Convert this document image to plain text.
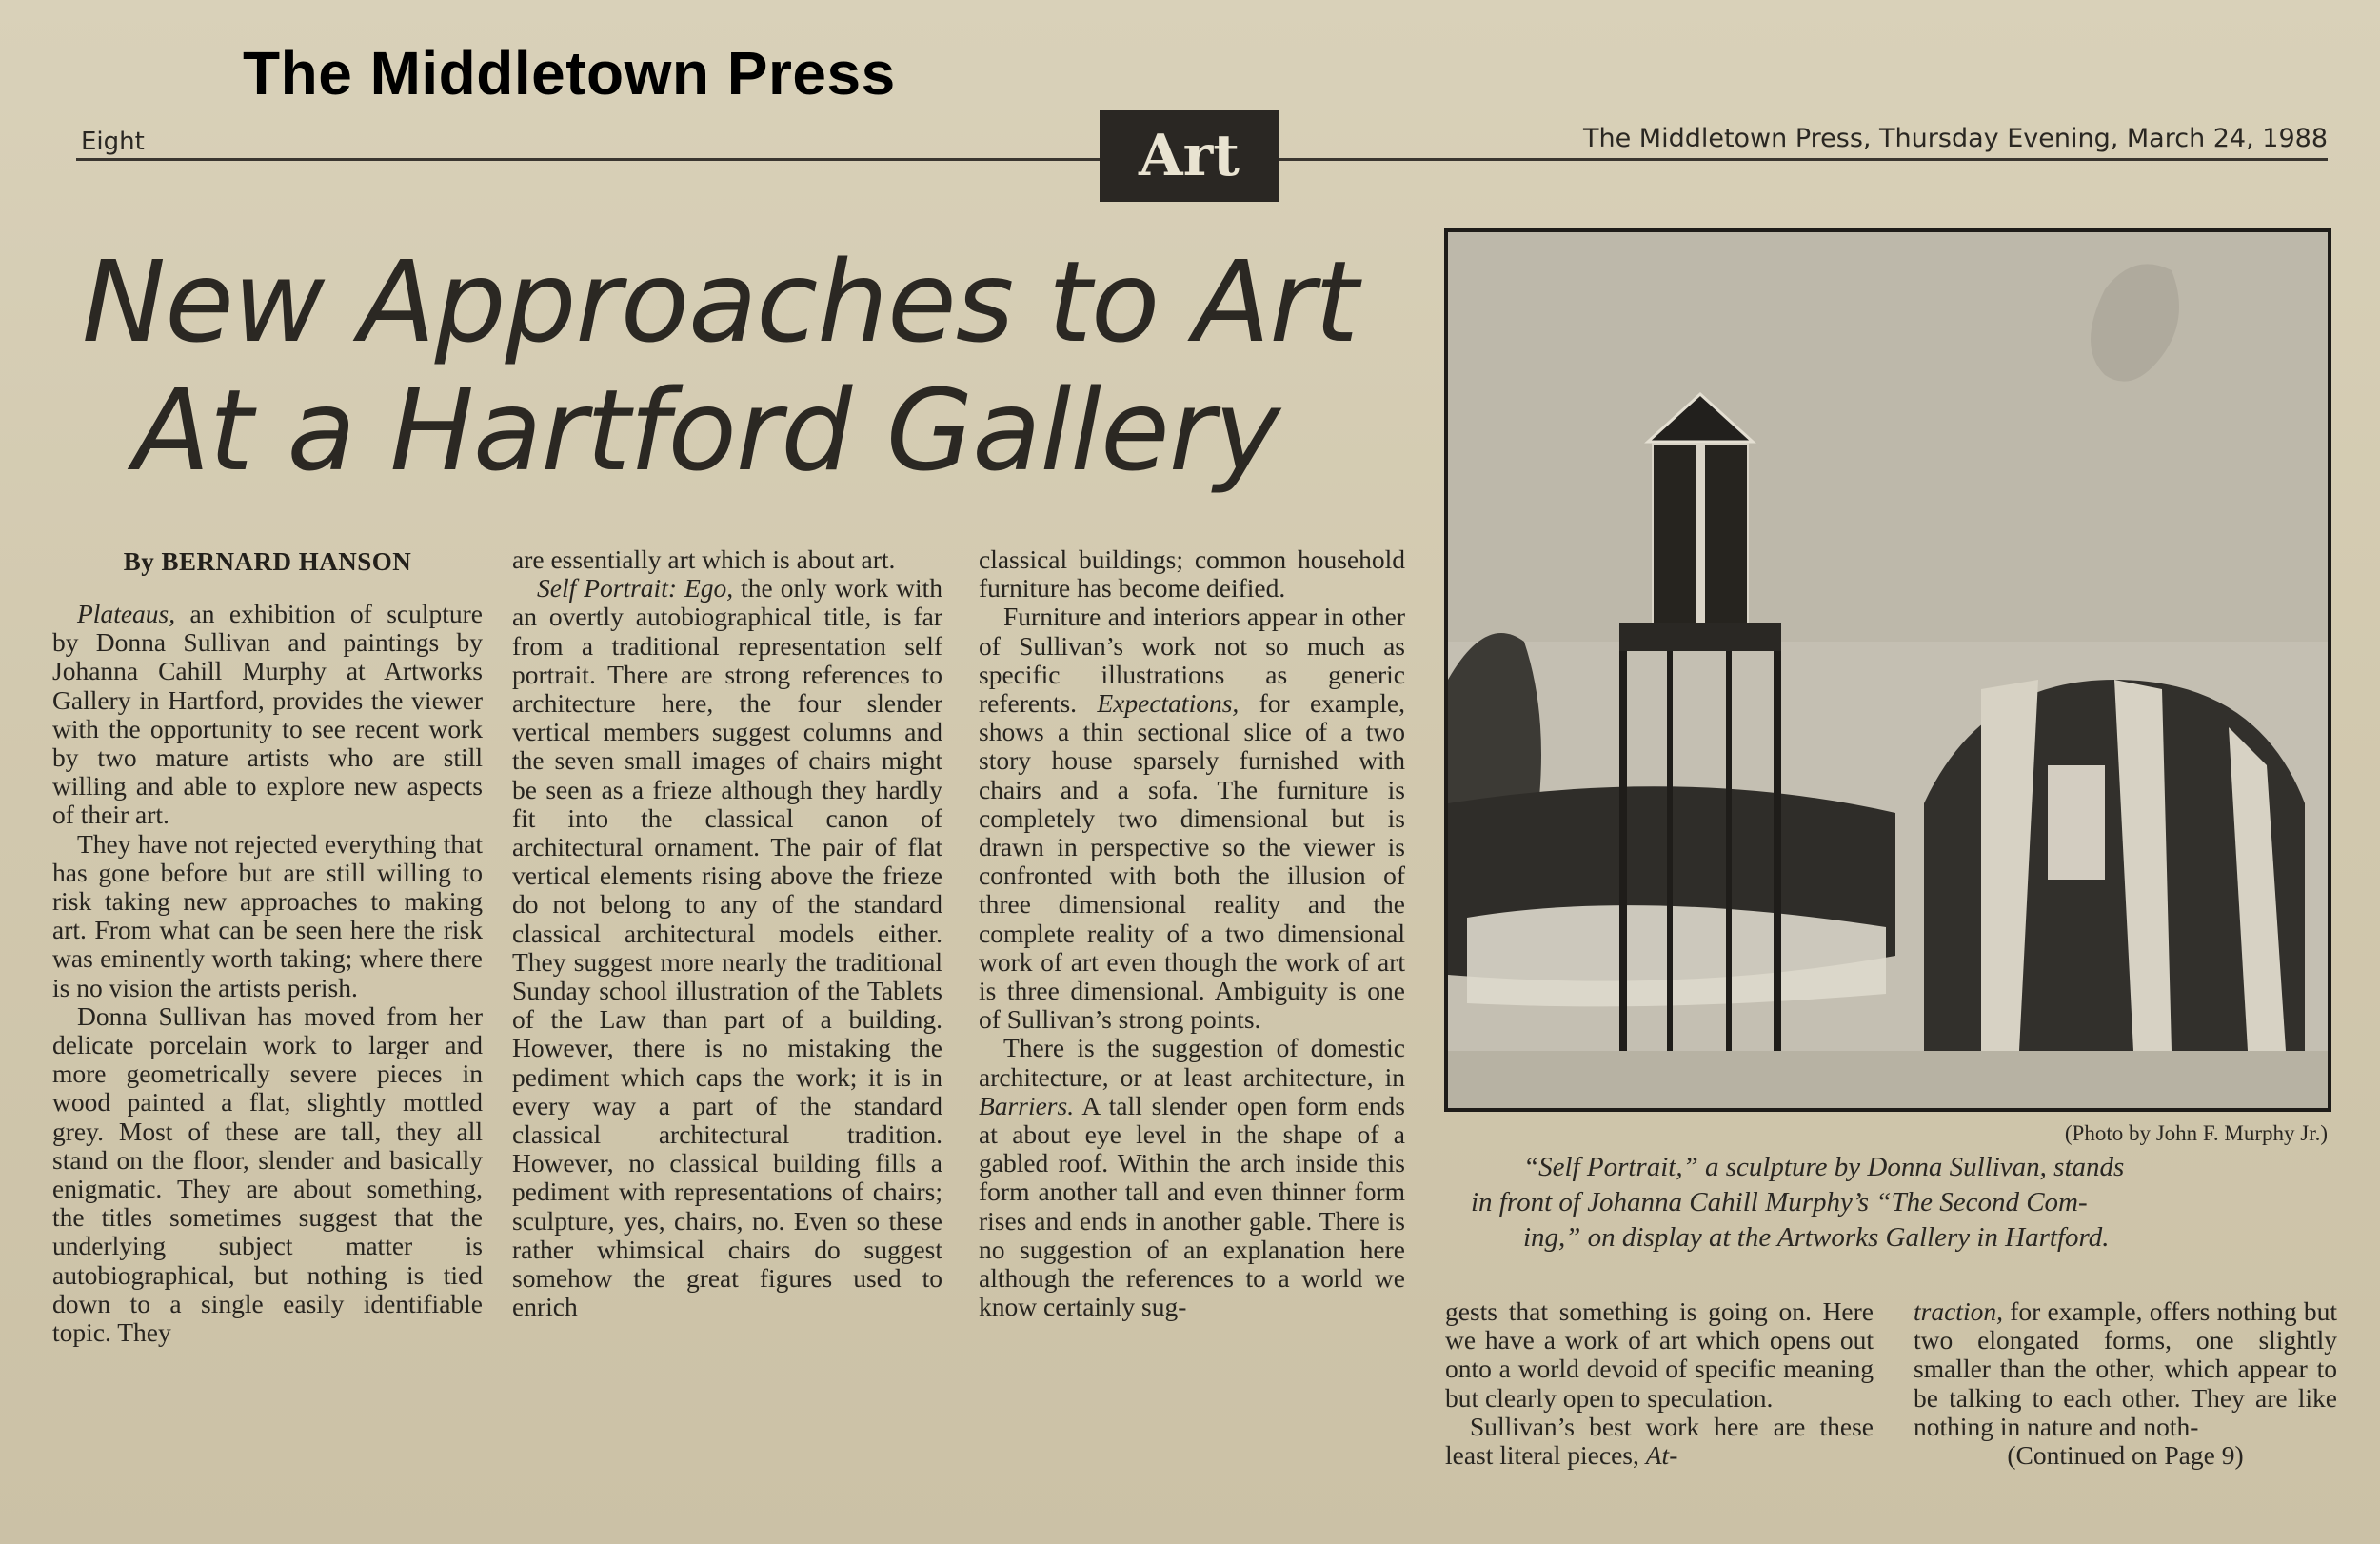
The Middletown Press
Eight	The Middletown Press, Thursday Evening, March 24, 1988
Art
New Approaches to Art
At a Hartford Gallery
By BERNARD HANSON

Plateaus, an exhibition of sculpture by Donna Sullivan and paintings by Johanna Cahill Murphy at Artworks Gallery in Hartford, provides the viewer with the opportunity to see recent work by two mature artists who are still willing and able to explore new aspects of their art.

They have not rejected everything that has gone before but are still willing to risk taking new approaches to making art. From what can be seen here the risk was eminently worth taking; where there is no vision the artists perish.

Donna Sullivan has moved from her delicate porcelain work to larger and more geometrically severe pieces in wood painted a flat, slightly mottled grey. Most of these are tall, they all stand on the floor, slender and basically enigmatic. They are about something, the titles sometimes suggest that the underlying subject matter is autobiographical, but nothing is tied down to a single easily identifiable topic. They

are essentially art which is about art.

Self Portrait: Ego, the only work with an overtly autobiographical title, is far from a traditional representation self portrait. There are strong references to architecture here, the four slender vertical members suggest columns and the seven small images of chairs might be seen as a frieze although they hardly fit into the classical canon of architectural ornament. The pair of flat vertical elements rising above the frieze do not belong to any of the standard classical architectural models either. They suggest more nearly the traditional Sunday school illustration of the Tablets of the Law than part of a building. However, there is no mistaking the pediment which caps the work; it is in every way a part of the standard classical architectural tradition. However, no classical building fills a pediment with representations of chairs; sculpture, yes, chairs, no. Even so these rather whimsical chairs do suggest somehow the great figures used to enrich

classical buildings; common household furniture has become deified.

Furniture and interiors appear in other of Sullivan’s work not so much as specific illustrations as generic referents. Expectations, for example, shows a thin sectional slice of a two story house sparsely furnished with chairs and a sofa. The furniture is completely two dimensional but is drawn in perspective so the viewer is confronted with both the illusion of three dimensional reality and the complete reality of a two dimensional work of art even though the work of art is three dimensional. Ambiguity is one of Sullivan’s strong points.

There is the suggestion of domestic architecture, or at least architecture, in Barriers. A tall slender open form ends at about eye level in the shape of a gabled roof. Within the arch inside this form another tall and even thinner form rises and ends in another gable. There is no suggestion of an explanation here although the references to a world we know certainly sug-

(Photo by John F. Murphy Jr.)
“Self Portrait,” a sculpture by Donna Sullivan, stands
in front of Johanna Cahill Murphy’s “The Second Com-
ing,” on display at the Artworks Gallery in Hartford.

gests that something is going on. Here we have a work of art which opens out onto a world devoid of specific meaning but clearly open to speculation.

Sullivan’s best work here are these least literal pieces, At-

traction, for example, offers nothing but two elongated forms, one slightly smaller than the other, which appear to be talking to each other. They are like nothing in nature and noth-

(Continued on Page 9)
